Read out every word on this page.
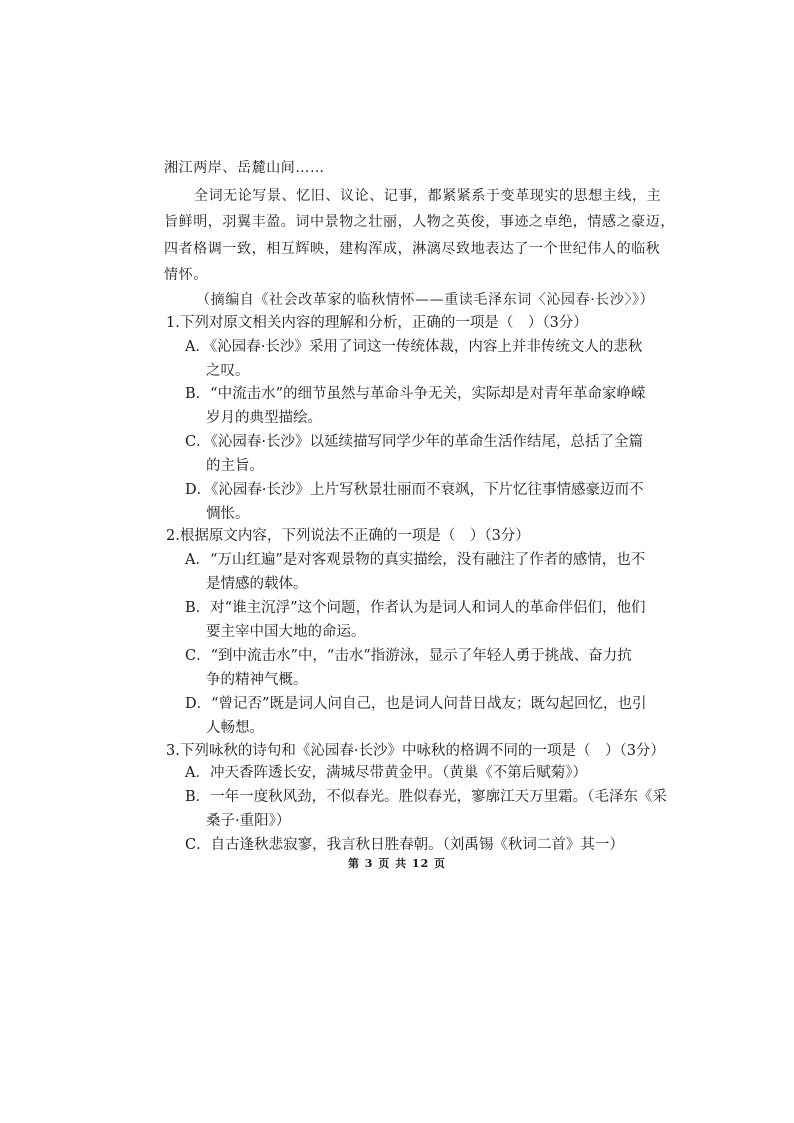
湘江两岸、岳麓山间……
全词无论写景、忆旧、议论、记事，都紧紧系于变革现实的思想主线，主
旨鲜明，羽翼丰盈。词中景物之壮丽，人物之英俊，事迹之卓绝，情感之豪迈，
四者格调一致，相互辉映，建构浑成，淋漓尽致地表达了一个世纪伟人的临秋
情怀。
（摘编自《社会改革家的临秋情怀——重读毛泽东词〈沁园春·长沙〉》）
1.下列对原文相关内容的理解和分析，正确的一项是（　）（3分）
A．《沁园春·长沙》采用了词这一传统体裁，内容上并非传统文人的悲秋
之叹。
B．“中流击水”的细节虽然与革命斗争无关，实际却是对青年革命家峥嵘
岁月的典型描绘。
C．《沁园春·长沙》以延续描写同学少年的革命生活作结尾，总括了全篇
的主旨。
D．《沁园春·长沙》上片写秋景壮丽而不衰飒，下片忆往事情感豪迈而不
惆怅。
2.根据原文内容，下列说法不正确的一项是（　）（3分）
A．“万山红遍”是对客观景物的真实描绘，没有融注了作者的感情，也不
是情感的载体。
B．对“谁主沉浮”这个问题，作者认为是词人和词人的革命伴侣们，他们
要主宰中国大地的命运。
C．“到中流击水”中，“击水”指游泳，显示了年轻人勇于挑战、奋力抗
争的精神气概。
D．“曾记否”既是词人问自己，也是词人问昔日战友；既勾起回忆，也引
人畅想。
3.下列咏秋的诗句和《沁园春·长沙》中咏秋的格调不同的一项是（　）（3分）
A．冲天香阵透长安，满城尽带黄金甲。（黄巢《不第后赋菊》）
B．一年一度秋风劲，不似春光。胜似春光，寥廓江天万里霜。（毛泽东《采
桑子·重阳》）
C．自古逢秋悲寂寥，我言秋日胜春朝。（刘禹锡《秋词二首》其一）
第 3 页 共 12 页
